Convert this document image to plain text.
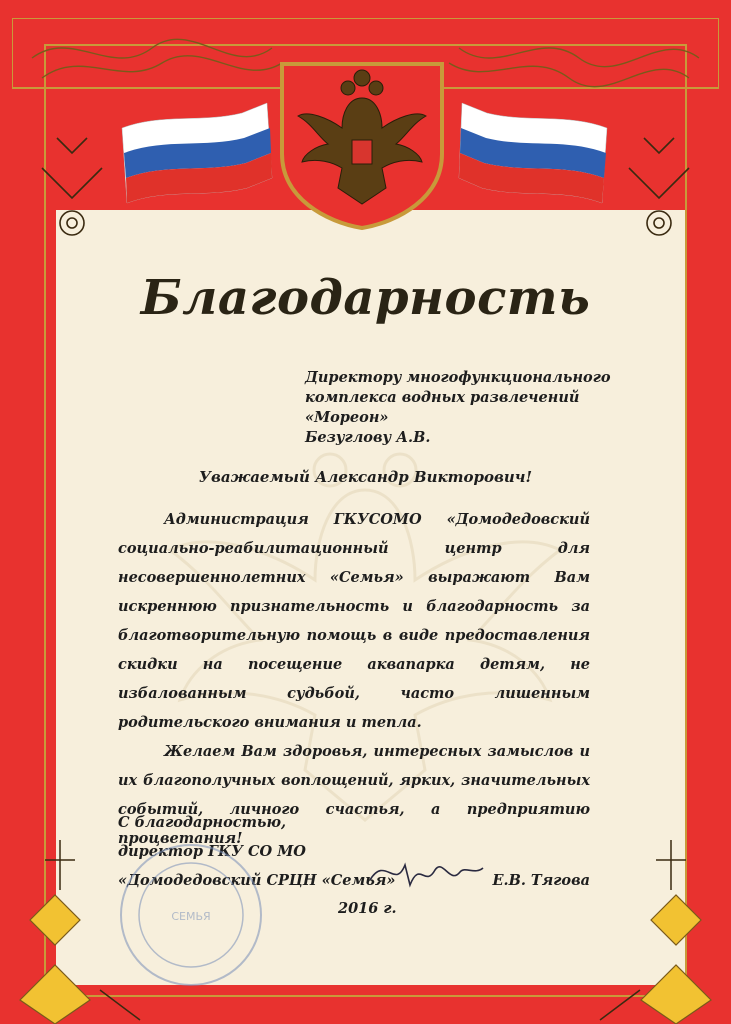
Благодарность
Директору многофункционального
комплекса водных развлечений
«Мореон»
Безуглову А.В.
Уважаемый Александр Викторович!

Администрация ГКУСОМО «Домодедовский социально-реабилитационный центр для несовершеннолетних «Семья» выражают Вам искреннюю признательность и благодарность за благотворительную помощь в виде предоставления скидки на посещение аквапарка детям, не избалованным судьбой, часто лишенным родительского внимания и тепла.

Желаем Вам здоровья, интересных замыслов и их благополучных воплощений, ярких, значительных событий, личного счастья, а предприятию процветания!

С благодарностью,
директор ГКУ СО МО
«Домодедовский СРЦН «Семья»	Е.В. Тягова
2016 г.
СЕМЬЯ
